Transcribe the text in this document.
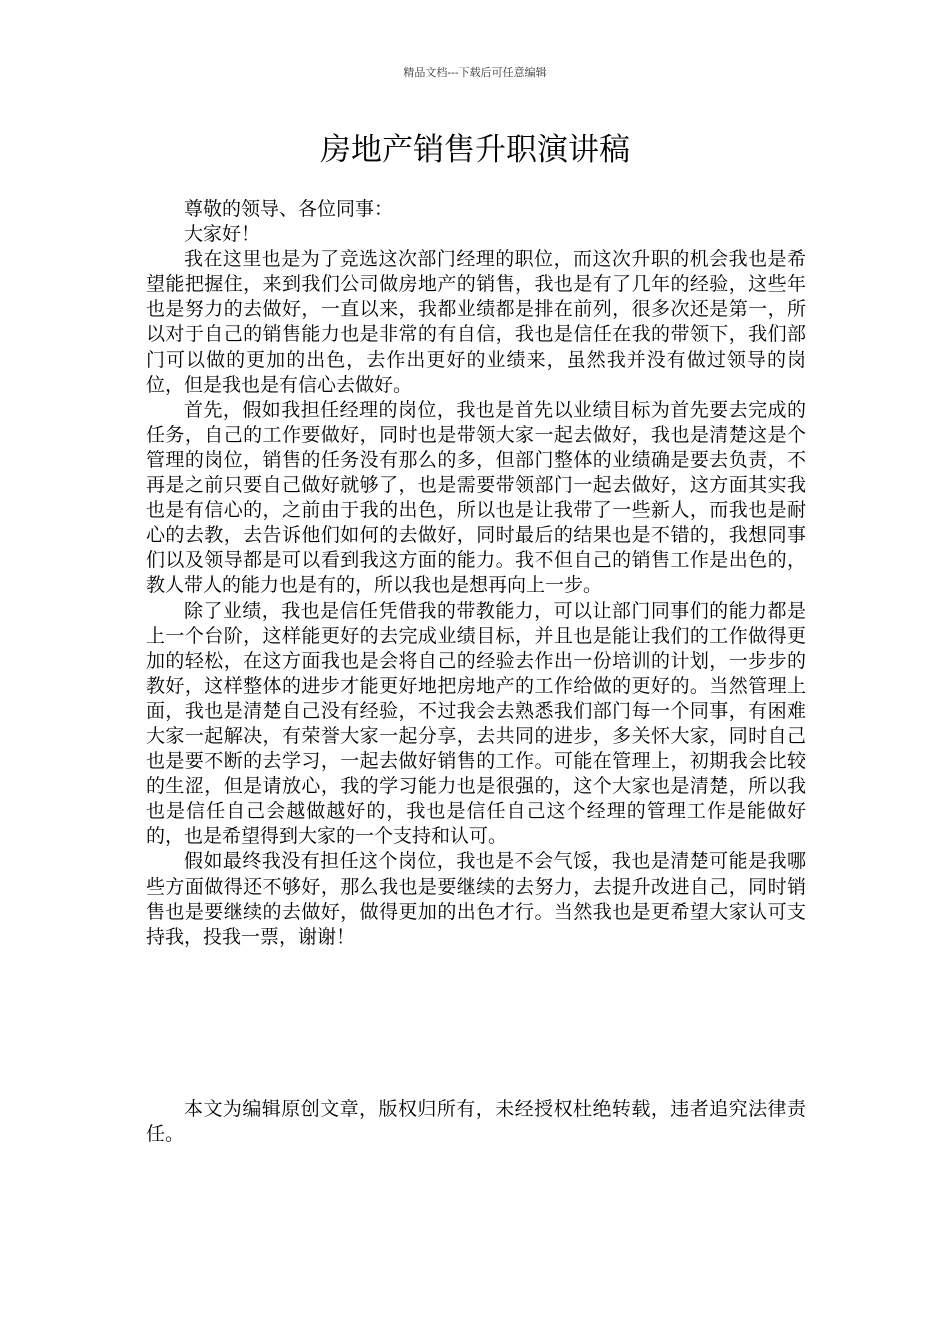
精品文档---下载后可任意编辑
房地产销售升职演讲稿

尊敬的领导、各位同事：

大家好！

我在这里也是为了竞选这次部门经理的职位，而这次升职的机会我也是希望能把握住，来到我们公司做房地产的销售，我也是有了几年的经验，这些年也是努力的去做好，一直以来，我都业绩都是排在前列，很多次还是第一，所以对于自己的销售能力也是非常的有自信，我也是信任在我的带领下，我们部门可以做的更加的出色，去作出更好的业绩来，虽然我并没有做过领导的岗位，但是我也是有信心去做好。

首先，假如我担任经理的岗位，我也是首先以业绩目标为首先要去完成的任务，自己的工作要做好，同时也是带领大家一起去做好，我也是清楚这是个管理的岗位，销售的任务没有那么的多，但部门整体的业绩确是要去负责，不再是之前只要自己做好就够了，也是需要带领部门一起去做好，这方面其实我也是有信心的，之前由于我的出色，所以也是让我带了一些新人，而我也是耐心的去教，去告诉他们如何的去做好，同时最后的结果也是不错的，我想同事们以及领导都是可以看到我这方面的能力。我不但自己的销售工作是出色的，教人带人的能力也是有的，所以我也是想再向上一步。

除了业绩，我也是信任凭借我的带教能力，可以让部门同事们的能力都是上一个台阶，这样能更好的去完成业绩目标，并且也是能让我们的工作做得更加的轻松，在这方面我也是会将自己的经验去作出一份培训的计划，一步步的教好，这样整体的进步才能更好地把房地产的工作给做的更好的。当然管理上面，我也是清楚自己没有经验，不过我会去熟悉我们部门每一个同事，有困难大家一起解决，有荣誉大家一起分享，去共同的进步，多关怀大家，同时自己也是要不断的去学习，一起去做好销售的工作。可能在管理上，初期我会比较的生涩，但是请放心，我的学习能力也是很强的，这个大家也是清楚，所以我也是信任自己会越做越好的，我也是信任自己这个经理的管理工作是能做好的，也是希望得到大家的一个支持和认可。

假如最终我没有担任这个岗位，我也是不会气馁，我也是清楚可能是我哪些方面做得还不够好，那么我也是要继续的去努力，去提升改进自己，同时销售也是要继续的去做好，做得更加的出色才行。当然我也是更希望大家认可支持我，投我一票，谢谢！

本文为编辑原创文章，版权归所有，未经授权杜绝转载，违者追究法律责任。
